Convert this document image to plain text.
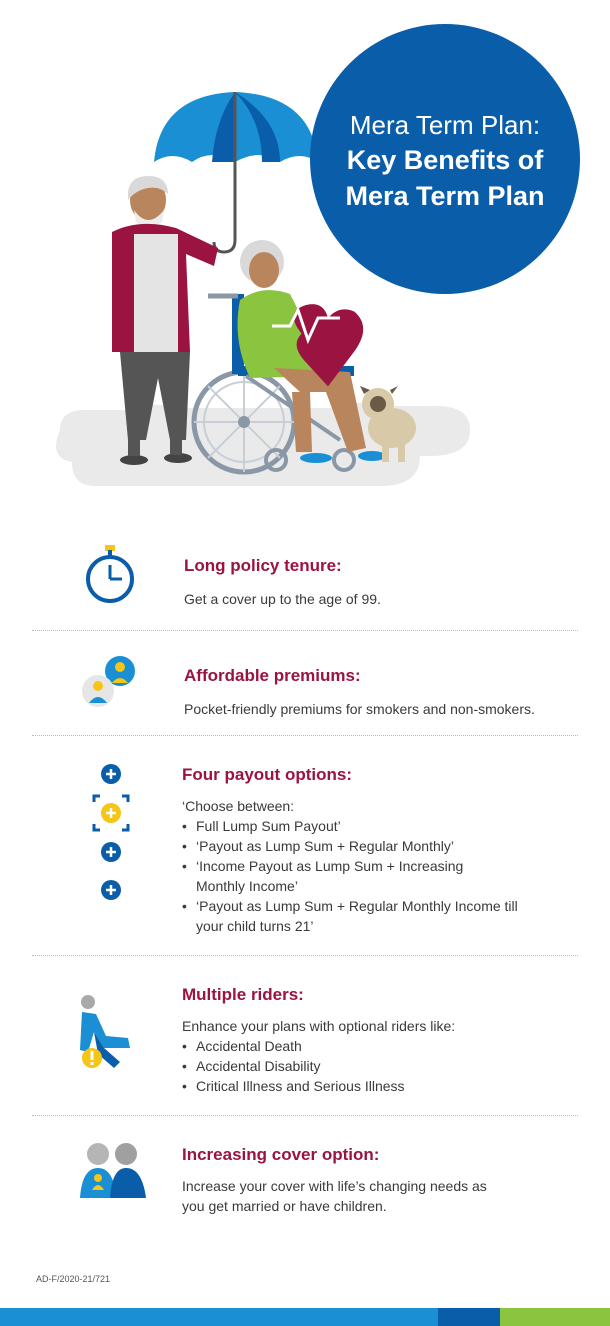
Mera Term Plan:
Key Benefits of
Mera Term Plan
Long policy tenure:

Get a cover up to the age of 99.

Affordable premiums:

Pocket-friendly premiums for smokers and non-smokers.

Four payout options:

‘Choose between:

• Full Lump Sum Payout’
• ‘Payout as Lump Sum + Regular Monthly’
• ‘Income Payout as Lump Sum + Increasing Monthly Income’
• ‘Payout as Lump Sum + Regular Monthly Income till your child turns 21’
Multiple riders:

Enhance your plans with optional riders like:

• Accidental Death
• Accidental Disability
• Critical Illness and Serious Illness
Increasing cover option:

Increase your cover with life’s changing needs as you get married or have children.

AD-F/2020-21/721
